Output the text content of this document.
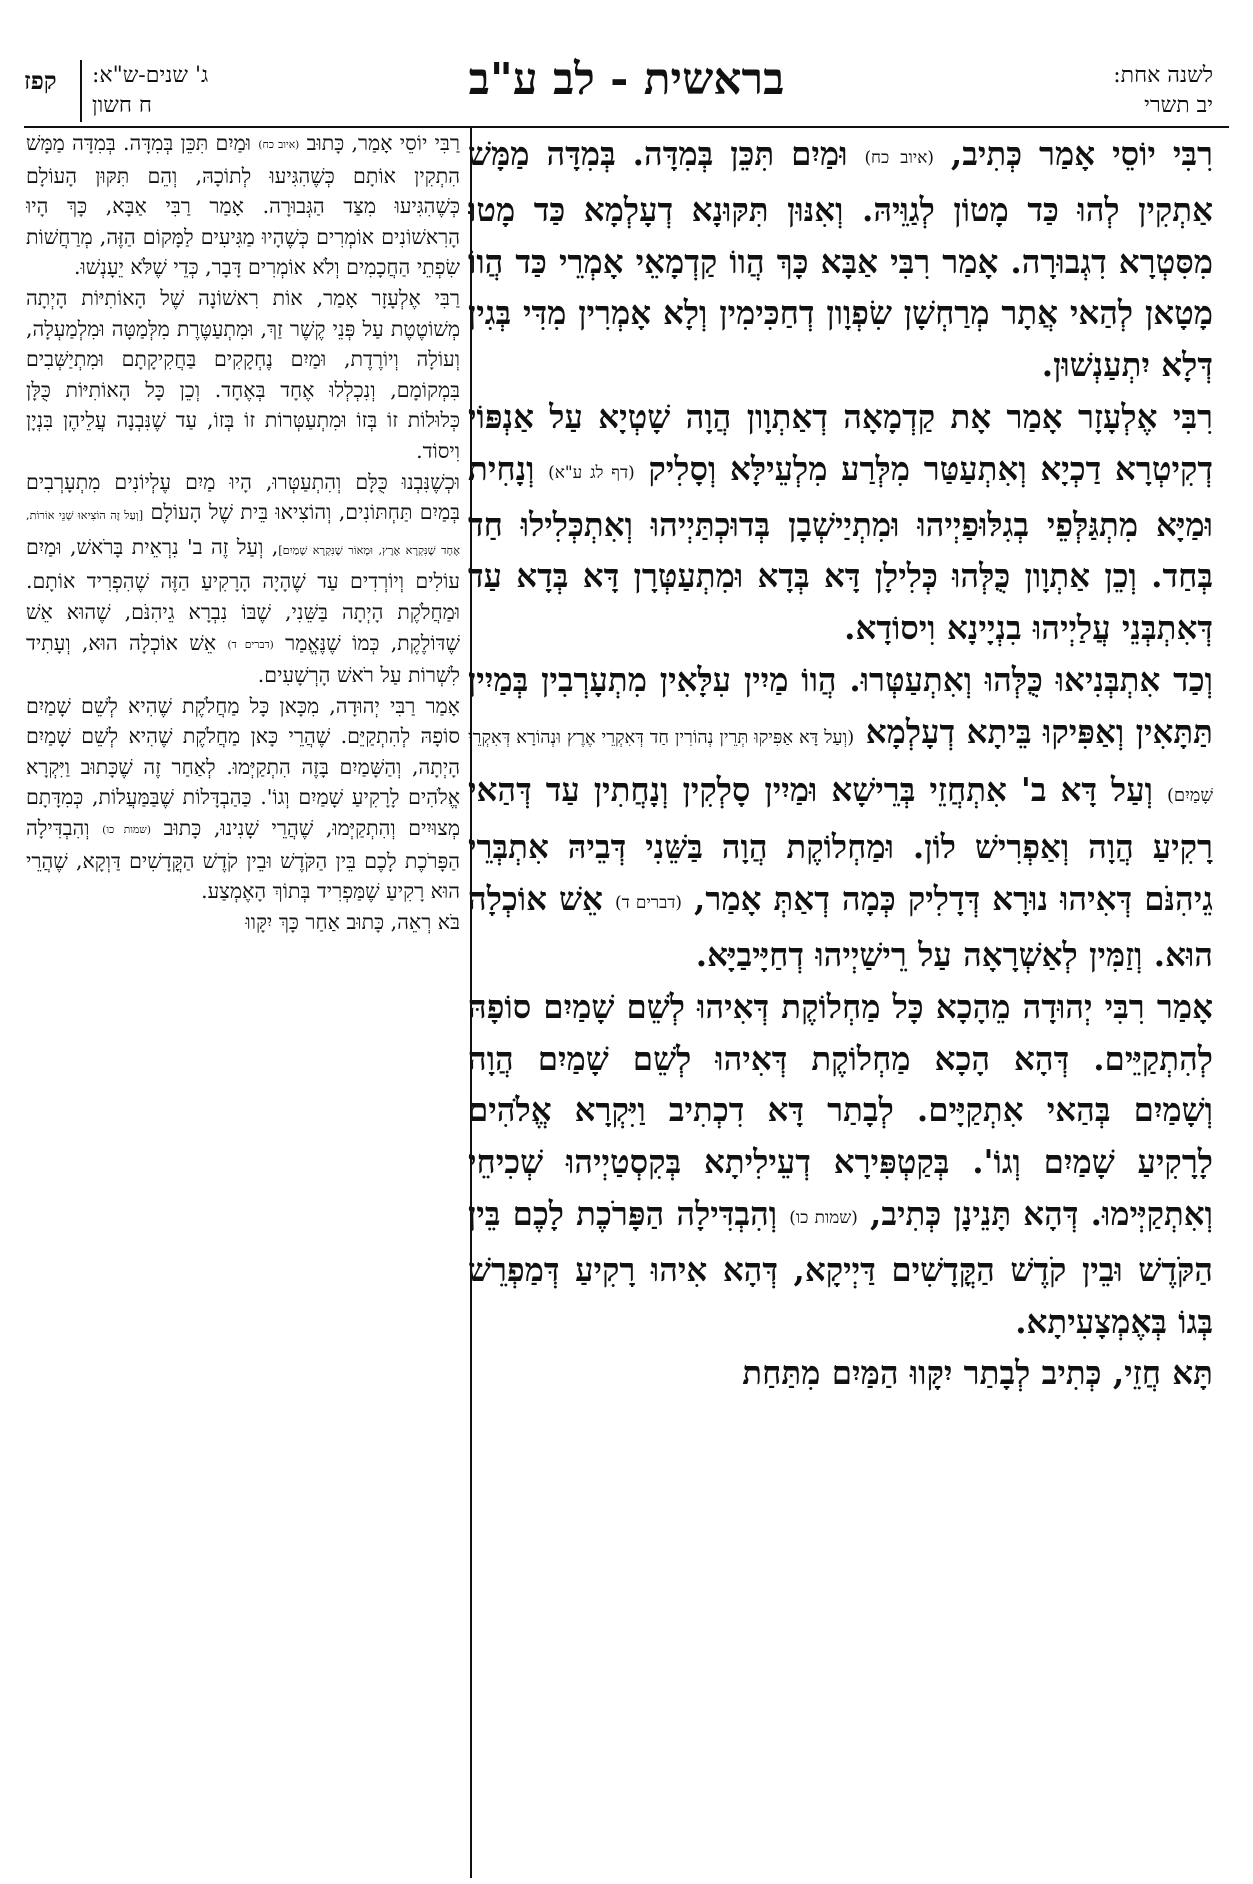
לשנה אחת:
יב תשרי
בראשית - לב ע"ב
ג' שנים-ש"א:
ח חשון
קפז

רִבִּי יוֹסֵי אָמַר כְּתִיב, (איוב כח) וּמַיִם תִּכֵּן בְּמִדָּה. בְּמִדָּה מַמָּשׁ אַתְקִין לְהוּ כַּד מָטוֹן לְגַוֵּיהּ. וְאִנּוּן תִּקּוּנָא דְעָלְמָא כַּד מָטוּ מִסִּטְרָא דִגְבוּרָה. אָמַר רִבִּי אַבָּא כָּךְ הֲווֹ קַדְמָאֵי אָמְרֵי כַּד הֲווֹ מָטָאן לְהַאי אֲתָר מְרַחְשָׁן שִׂפְוָון דְחַכִּימִין וְלָא אָמְרִין מִדִּי בְּגִין דְּלָא יִתְעַנְשׁוּן.

רִבִּי אֶלְעָזָר אָמַר אָת קַדְמָאָה דְאַתְוָון הֲוָה שָׁטְיָא עַל אַנְפּוֹי דְקִיטְרָא דַכְיָא וְאִתְעַטַּר מִלְּרַע מִלְעֵילָּא וְסָלִיק (דף לג ע"א) וְנָחִית וּמַיָּא מִתְגַּלְּפֵי בְגִלּוּפַיְיהוּ וּמִתְיַישְׁבָן בְּדוּכְתַּיְיהוּ וְאִתְכְּלִילוּ חַד בְּחַד. וְכֵן אַתְוָון כֻּלְּהוּ כְּלִילָן דָּא בְּדָא וּמִתְעַטְּרָן דָּא בְּדָא עַד דְּאִתְבְּנֵי עֲלַיְיהוּ בִנְיָינָא וִיסוֹדָא.

וְכַד אִתְבְּנִיאוּ כֻּלְּהוּ וְאִתְעַטְּרוּ. הֲווֹ מַיִין עִלָּאִין מִתְעָרְבִין בְּמַיִין תַּתָּאִין וְאַפִּיקוּ בֵּיתָא דְעָלְמָא (וְעַל דָּא אַפִּיקוּ תְּרֵין נְהוֹרִין חַד דְּאִקְרֵי אֶרֶץ וּנְהוֹרָא דְּאִקְרֵי שָׁמַיִם) וְעַל דָּא ב' אִתְחֲזֵי בְּרֵישָׁא וּמַיִין סָלְקִין וְנָחֲתִין עַד דְּהַאי רָקִיעַ הֲוָה וְאַפְרִישׁ לוֹן. וּמַחְלוֹקֶת הֲוָה בַּשֵּׁנִי דְּבֵיהּ אִתְבְּרֵי גֵיהִנֹּם דְּאִיהוּ נוּרָא דְּדָלִיק כְּמָה דְאַתְּ אָמַר, (דברים ד) אֵשׁ אוֹכְלָה הוּא. וְזַמִּין לְאַשְׁרָאָה עַל רֵישַׁיְיהוּ דְחַיָּיבַיָּא.

אָמַר רִבִּי יְהוּדָה מֵהָכָא כָּל מַחְלוֹקֶת דְּאִיהוּ לְשֵׁם שָׁמַיִם סוֹפָהּ לְהִתְקַיֵּים. דְּהָא הָכָא מַחְלוֹקֶת דְּאִיהוּ לְשֵׁם שָׁמַיִם הֲוָה וְשָׁמַיִם בְּהַאי אִתְקַיָּים. לְבָתַר דָּא דִכְתִיב וַיִּקְרָא אֱלֹהִים לָרָקִיעַ שָׁמַיִם וְגוֹ'. בְּקַטְפִּירָא דְעֵילִיתָא בְּקִסְטַיְיהוּ שְׁכִיחֵי וְאִתְקַיְּימוּ. דְּהָא תָּנֵינָן כְּתִיב, (שמות כו) וְהִבְדִּילָה הַפָּרֹכֶת לָכֶם בֵּין הַקֹּדֶשׁ וּבֵין קֹדֶשׁ הַקֳּדָשִׁים דַּיְיקָא, דְּהָא אִיהוּ רָקִיעַ דְּמַפְרֵשׁ בְּגוֹ בְּאֶמְצָעִיתָא.

תָּא חֲזֵי, כְּתִיב לְבָתַר יִקָּווּ הַמַּיִם מִתַּחַת

רַבִּי יוֹסֵי אָמַר, כָּתוּב (איוב כח) וּמַיִם תִּכֵּן בְּמִדָּה. בְּמִדָּה מַמָּשׁ הִתְקִין אוֹתָם כְּשֶׁהִגִּיעוּ לְתוֹכָהּ, וְהֵם תִּקּוּן הָעוֹלָם כְּשֶׁהִגִּיעוּ מִצַּד הַגְּבוּרָה. אָמַר רַבִּי אַבָּא, כָּךְ הָיוּ הָרִאשׁוֹנִים אוֹמְרִים כְּשֶׁהָיוּ מַגִּיעִים לַמָּקוֹם הַזֶּה, מְרַחֲשׁוֹת שִׂפְתֵי הַחֲכָמִים וְלֹא אוֹמְרִים דָּבָר, כְּדֵי שֶׁלֹּא יֵעָנְשׁוּ.

רַבִּי אֶלְעָזָר אָמַר, אוֹת רִאשׁוֹנָה שֶׁל הָאוֹתִיּוֹת הָיְתָה מְשׁוֹטֶטֶת עַל פְּנֵי קֶשֶׁר זַךְ, וּמִתְעַטֶּרֶת מִלְּמַטָּה וּמִלְמַעְלָה, וְעוֹלָה וְיוֹרֶדֶת, וּמַיִם נֶחְקָקִים בַּחֲקִיקָתָם וּמִתְיַשְּׁבִים בִּמְקוֹמָם, וְנִכְלְלוּ אֶחָד בְּאֶחָד. וְכֵן כָּל הָאוֹתִיּוֹת כֻּלָּן כְּלוּלוֹת זוֹ בְּזוֹ וּמִתְעַטְּרוֹת זוֹ בְּזוֹ, עַד שֶׁנִּבְנָה עֲלֵיהֶן בִּנְיָן וִיסוֹד.

וּכְשֶׁנִּבְנוּ כֻּלָּם וְהִתְעַטְּרוּ, הָיוּ מַיִם עֶלְיוֹנִים מִתְעָרְבִים בְּמַיִם תַּחְתּוֹנִים, וְהוֹצִיאוּ בֵּית שֶׁל הָעוֹלָם [וְעַל זֶה הוֹצִיאוּ שְׁנֵי אוֹרוֹת, אֶחָד שֶׁנִּקְרָא אֶרֶץ, וּמָאוֹר שֶׁנִּקְרָא שָׁמַיִם], וְעַל זֶה ב' נִרְאֵית בָּרֹאשׁ, וּמַיִם עוֹלִים וְיוֹרְדִים עַד שֶׁהָיָה הָרָקִיעַ הַזֶּה שֶׁהִפְרִיד אוֹתָם. וּמַחֲלֹקֶת הָיְתָה בַּשֵּׁנִי, שֶׁבּוֹ נִבְרָא גֵיהִנֹּם, שֶׁהוּא אֵשׁ שֶׁדּוֹלֶקֶת, כְּמוֹ שֶׁנֶּאֱמַר (דברים ד) אֵשׁ אוֹכְלָה הוּא, וְעָתִיד לִשְׁרוֹת עַל רֹאשׁ הָרְשָׁעִים.

אָמַר רַבִּי יְהוּדָה, מִכָּאן כָּל מַחֲלֹקֶת שֶׁהִיא לְשֵׁם שָׁמַיִם סוֹפָהּ לְהִתְקַיֵּם. שֶׁהֲרֵי כָּאן מַחֲלֹקֶת שֶׁהִיא לְשֵׁם שָׁמַיִם הָיְתָה, וְהַשָּׁמַיִם בָּזֶה הִתְקַיְּמוּ. לְאַחַר זֶה שֶׁכָּתוּב וַיִּקְרָא אֱלֹהִים לָרָקִיעַ שָׁמַיִם וְגוֹ'. כַּהַבְדָּלוֹת שֶׁבַּמַּעֲלוֹת, כְּמִדָּתָם מְצוּיִים וְהִתְקַיְּמוּ, שֶׁהֲרֵי שָׁנִינוּ, כָּתוּב (שמות כו) וְהִבְדִּילָה הַפָּרֹכֶת לָכֶם בֵּין הַקֹּדֶשׁ וּבֵין קֹדֶשׁ הַקֳּדָשִׁים דַּוְקָא, שֶׁהֲרֵי הוּא רָקִיעַ שֶׁמַּפְרִיד בְּתוֹךְ הָאֶמְצַע.

בֹּא רְאֵה, כָּתוּב אַחַר כָּךְ יִקָּווּ
